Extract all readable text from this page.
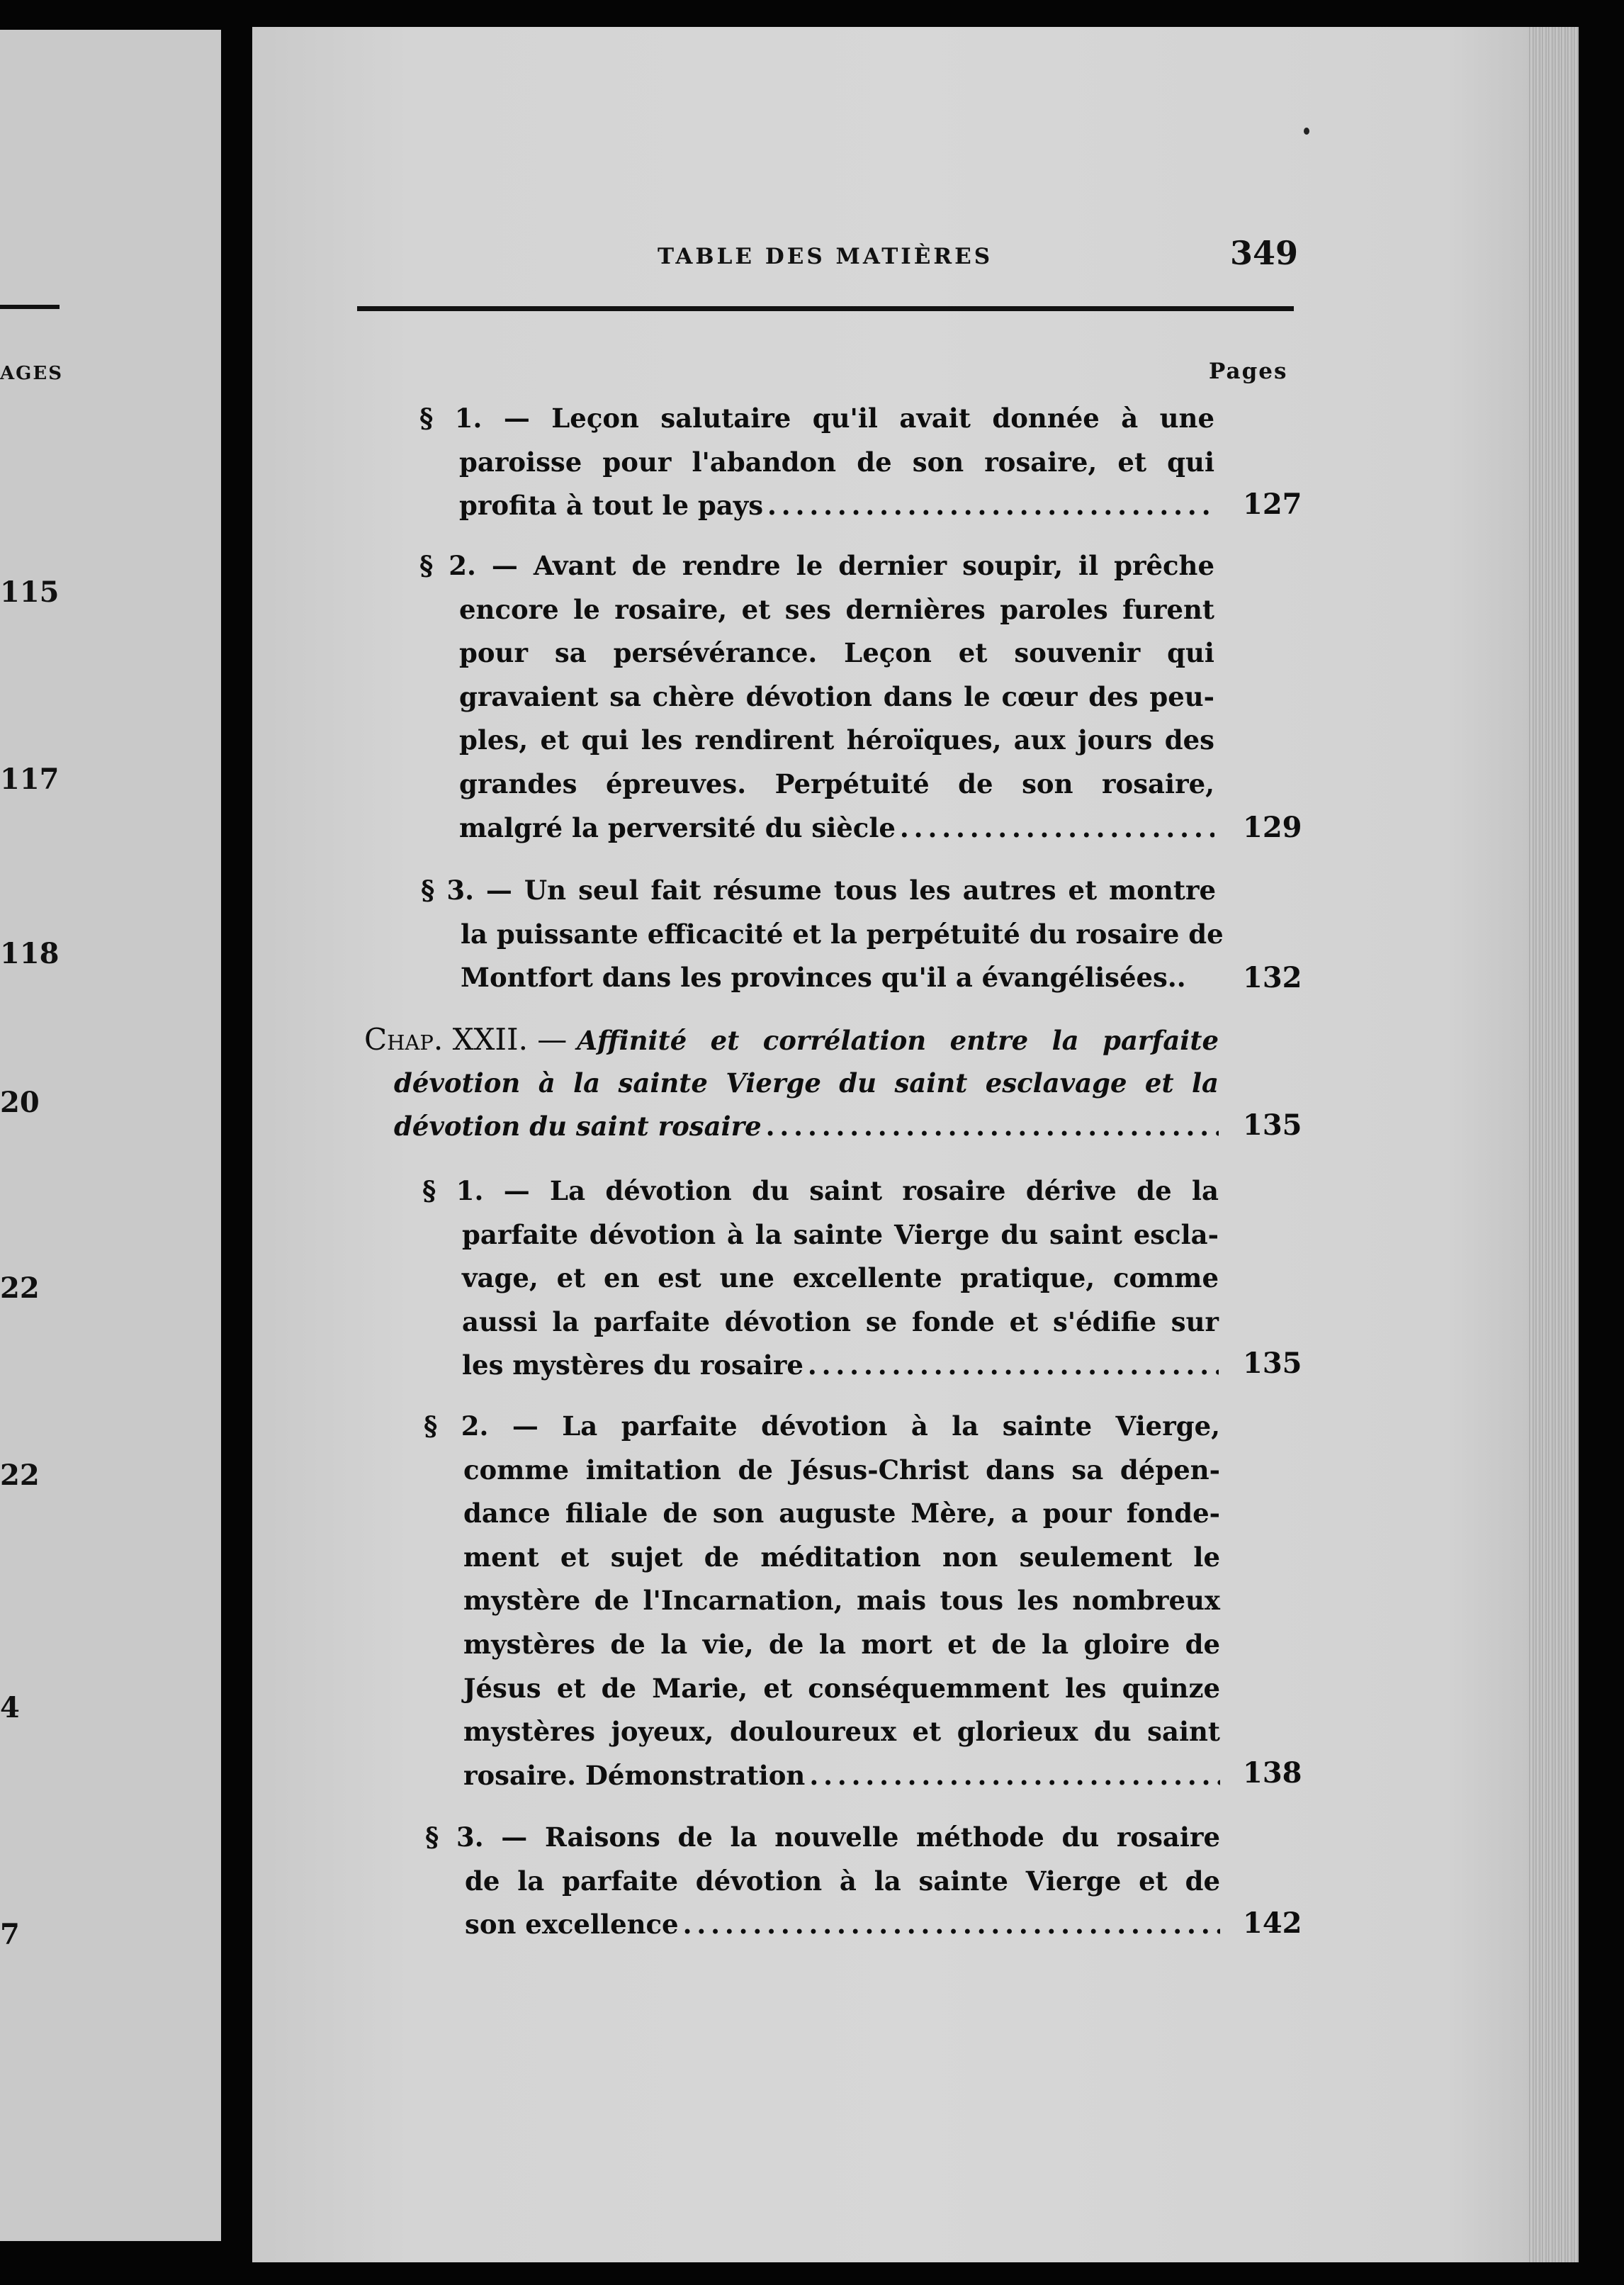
AGES
115
117
118
20
22
22
4
7
TABLE DES MATIÈRES	349
Pages
§ 1. — Leçon salutaire qu'il avait donnée à une
paroisse pour l'abandon de son rosaire, et qui
profita à tout le pays . . .	127
§ 2. — Avant de rendre le dernier soupir, il prêche
encore le rosaire, et ses dernières paroles furent
pour sa persévérance. Leçon et souvenir qui
gravaient sa chère dévotion dans le cœur des peu-
ples, et qui les rendirent héroïques, aux jours des
grandes épreuves. Perpétuité de son rosaire,
malgré la perversité du siècle . . .	129
§ 3. — Un seul fait résume tous les autres et montre
la puissante efficacité et la perpétuité du rosaire de
Montfort dans les provinces qu'il a évangélisées.. 132
Chap. XXII. — Affinité et corrélation entre la parfaite
dévotion à la sainte Vierge du saint esclavage et la
dévotion du saint rosaire . . .	135
§ 1. — La dévotion du saint rosaire dérive de la
parfaite dévotion à la sainte Vierge du saint escla-
vage, et en est une excellente pratique, comme
aussi la parfaite dévotion se fonde et s'édifie sur
les mystères du rosaire . . .	135
§ 2. — La parfaite dévotion à la sainte Vierge,
comme imitation de Jésus-Christ dans sa dépen-
dance filiale de son auguste Mère, a pour fonde-
ment et sujet de méditation non seulement le
mystère de l'Incarnation, mais tous les nombreux
mystères de la vie, de la mort et de la gloire de
Jésus et de Marie, et conséquemment les quinze
mystères joyeux, douloureux et glorieux du saint
rosaire. Démonstration . . .	138
§ 3. — Raisons de la nouvelle méthode du rosaire
de la parfaite dévotion à la sainte Vierge et de
son excellence . . .	142
